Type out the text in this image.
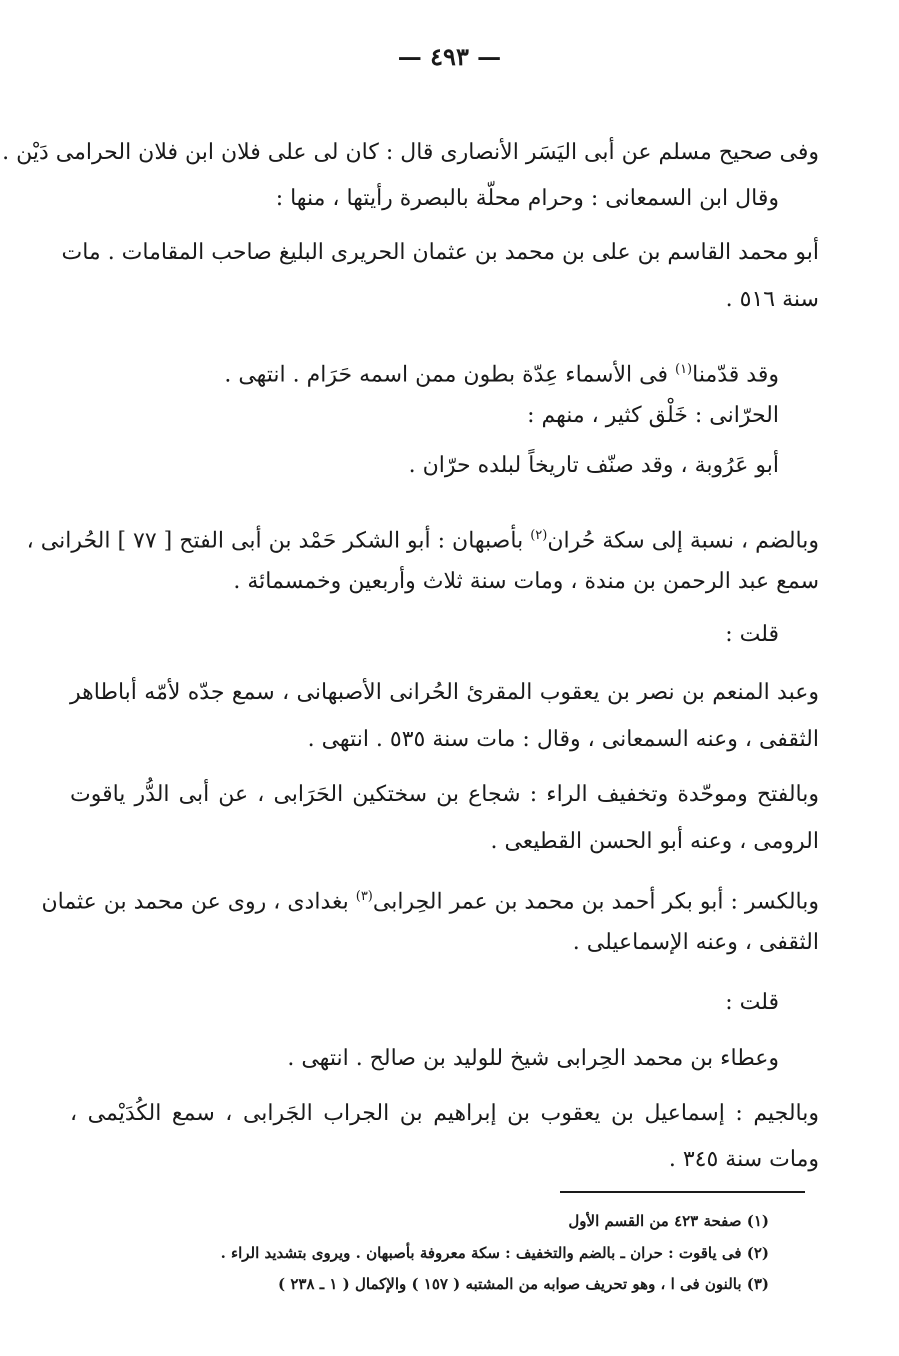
— ٤٩٣ —
وفى صحيح مسلم عن أبى اليَسَر الأنصارى قال : كان لى على فلان ابن فلان الحرامى دَيْن .
وقال ابن السمعانى : وحرام محلّة بالبصرة رأيتها ، منها :
أبو محمد القاسم بن على بن محمد بن عثمان الحريرى البليغ صاحب المقامات . مات
سنة ٥١٦ .
وقد قدّمنا$^{(١)}$ فى الأسماء عِدّة بطون ممن اسمه حَرَام . انتهى .
الحرّانى : خَلْق كثير ، منهم :
أبو عَرُوبة ، وقد صنّف تاريخاً لبلده حرّان .
وبالضم ، نسبة إلى سكة حُران$^{(٢)}$ بأصبهان : أبو الشكر حَمْد بن أبى الفتح [ ٧٧ ] الحُرانى ،
سمع عبد الرحمن بن مندة ، ومات سنة ثلاث وأربعين وخمسمائة .
قلت :
وعبد المنعم بن نصر بن يعقوب المقرئ الحُرانى الأصبهانى ، سمع جدّه لأمّه أباطاهر
الثقفى ، وعنه السمعانى ، وقال : مات سنة ٥٣٥ . انتهى .
وبالفتح وموحّدة وتخفيف الراء : شجاع بن سختكين الحَرَابى ، عن أبى الدُّر ياقوت
الرومى ، وعنه أبو الحسن القطيعى .
وبالكسر : أبو بكر أحمد بن محمد بن عمر الحِرابى$^{(٣)}$ بغدادى ، روى عن محمد بن عثمان
الثقفى ، وعنه الإسماعيلى .
قلت :
وعطاء بن محمد الحِرابى شيخ للوليد بن صالح . انتهى .
وبالجيم : إسماعيل بن يعقوب بن إبراهيم بن الجراب الجَرابى ، سمع الكُدَيْمى ،
ومات سنة ٣٤٥ .
(١) صفحة ٤٢٣ من القسم الأول
(٢) فى ياقوت : حران ـ بالضم والتخفيف : سكة معروفة بأصبهان . ويروى بتشديد الراء .
(٣) بالنون فى ا ، وهو تحريف صوابه من المشتبه ( ١٥٧ ) والإكمال ( ١ ـ ٢٣٨ )
